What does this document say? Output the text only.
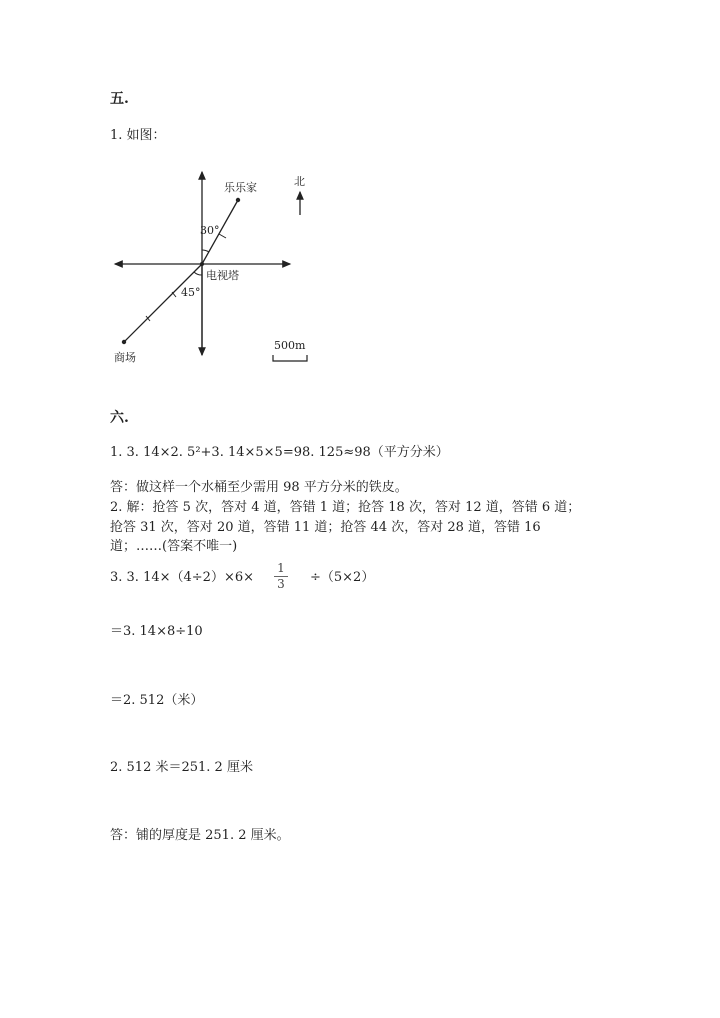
五.
1. 如图：
乐乐家	北
30°
电视塔
45°
商场
500m
六.
1. 3. 14×2. 5²+3. 14×5×5=98. 125≈98（平方分米）
答：做这样一个水桶至少需用 98 平方分米的铁皮。
2. 解：抢答 5 次，答对 4 道，答错 1 道；抢答 18 次，答对 12 道，答错 6 道；
抢答 31 次，答对 20 道，答错 11 道；抢答 44 次，答对 28 道，答错 16
道；……(答案不唯一)
3. 3. $14\times(4\div 2)\times 6\times \frac{1}{3} \div(5\times 2)$
＝3. 14×8÷10
＝2. 512（米）
2. 512 米＝251. 2 厘米
答：铺的厚度是 251. 2 厘米。
